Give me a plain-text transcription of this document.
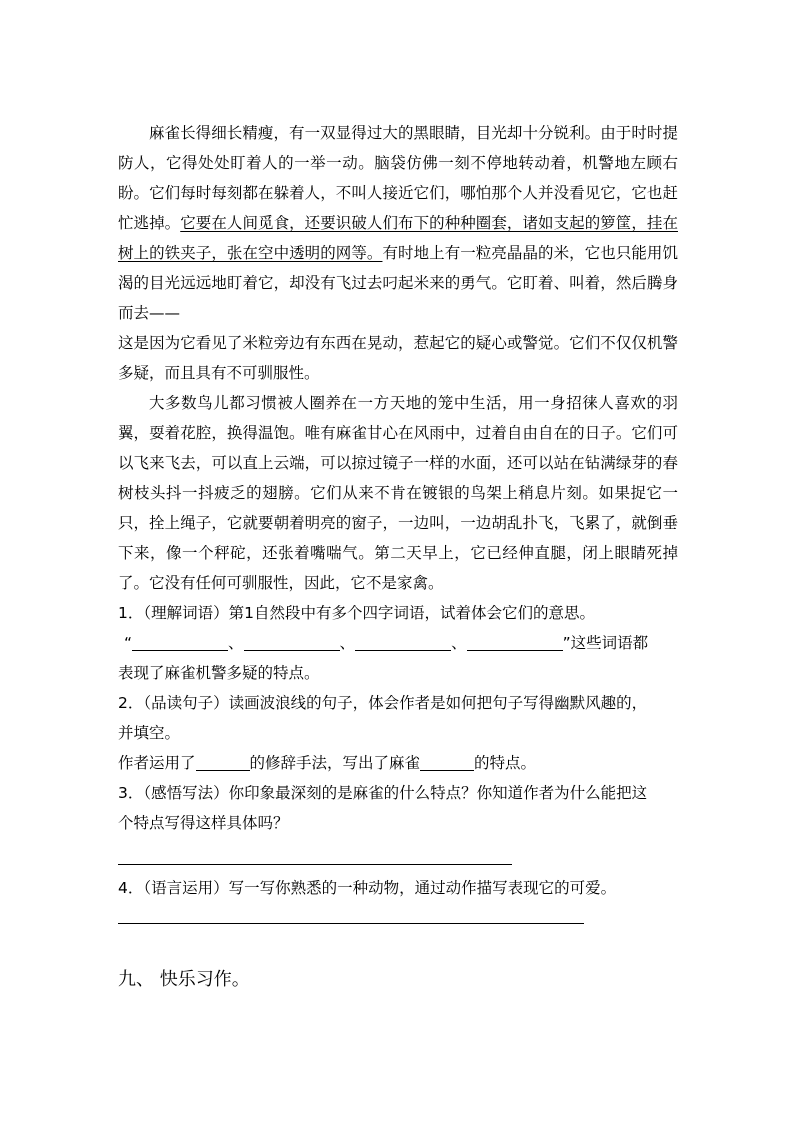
麻雀长得细长精瘦，有一双显得过大的黑眼睛，目光却十分锐利。由于时时提防人，它得处处盯着人的一举一动。脑袋仿佛一刻不停地转动着，机警地左顾右盼。它们每时每刻都在躲着人，不叫人接近它们，哪怕那个人并没看见它，它也赶忙逃掉。它要在人间觅食，还要识破人们布下的种种圈套，诸如支起的箩筐，挂在树上的铁夹子，张在空中透明的网等。有时地上有一粒亮晶晶的米，它也只能用饥渴的目光远远地盯着它，却没有飞过去叼起米来的勇气。它盯着、叫着，然后腾身而去——

这是因为它看见了米粒旁边有东西在晃动，惹起它的疑心或警觉。它们不仅仅机警多疑，而且具有不可驯服性。

大多数鸟儿都习惯被人圈养在一方天地的笼中生活，用一身招徕人喜欢的羽翼，耍着花腔，换得温饱。唯有麻雀甘心在风雨中，过着自由自在的日子。它们可以飞来飞去，可以直上云端，可以掠过镜子一样的水面，还可以站在钻满绿芽的春树枝头抖一抖疲乏的翅膀。它们从来不肯在镀银的鸟架上稍息片刻。如果捉它一只，拴上绳子，它就要朝着明亮的窗子，一边叫，一边胡乱扑飞，飞累了，就倒垂下来，像一个秤砣，还张着嘴喘气。第二天早上，它已经伸直腿，闭上眼睛死掉了。它没有任何可驯服性，因此，它不是家禽。

1．（理解词语）第1自然段中有多个四字词语，试着体会它们的意思。
“	、	、	、	”这些词语都
表现了麻雀机警多疑的特点。
2．（品读句子）读画波浪线的句子，体会作者是如何把句子写得幽默风趣的，
并填空。
作者运用了	的修辞手法，写出了麻雀	的特点。
3．（感悟写法）你印象最深刻的是麻雀的什么特点？你知道作者为什么能把这
个特点写得这样具体吗？
4．（语言运用）写一写你熟悉的一种动物，通过动作描写表现它的可爱。
九、 快乐习作。
